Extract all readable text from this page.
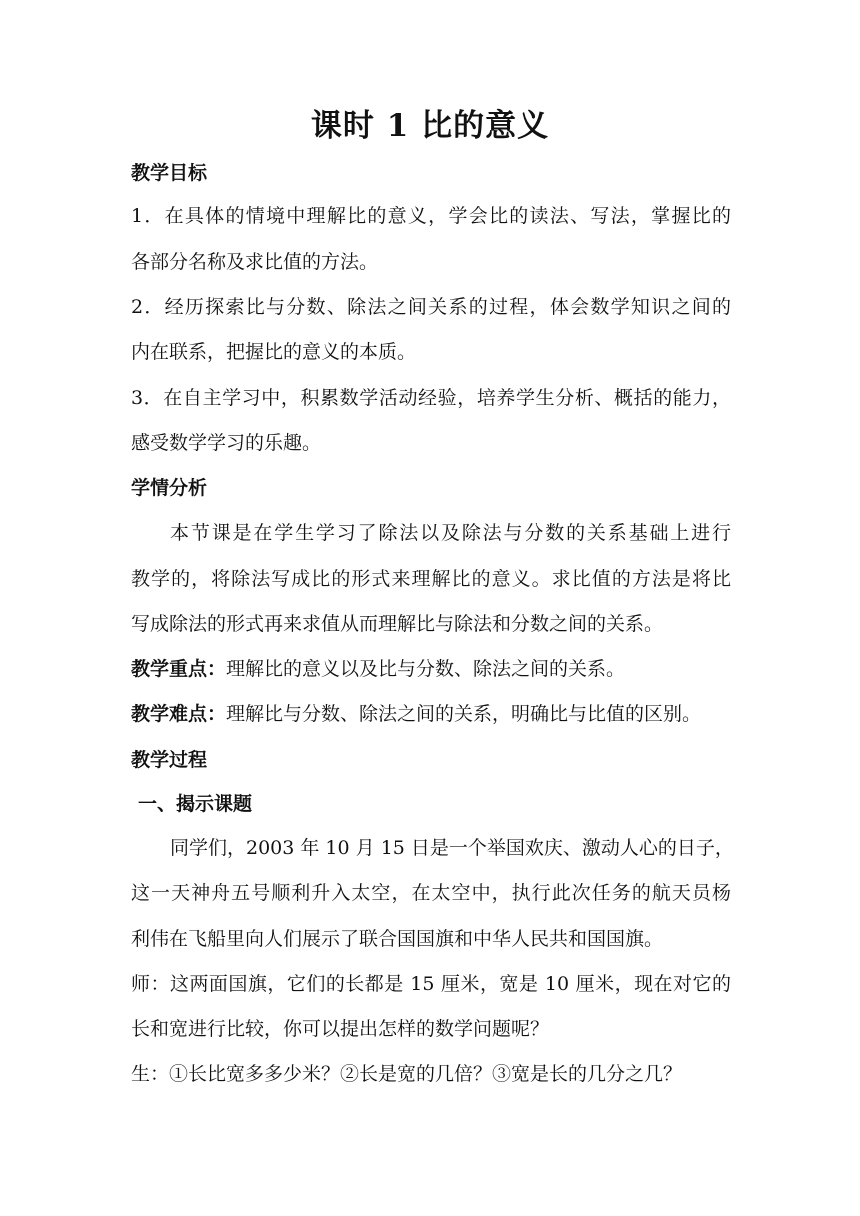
课时 1 比的意义
教学目标
1．在具体的情境中理解比的意义，学会比的读法、写法，掌握比的
各部分名称及求比值的方法。
2．经历探索比与分数、除法之间关系的过程，体会数学知识之间的
内在联系，把握比的意义的本质。
3．在自主学习中，积累数学活动经验，培养学生分析、概括的能力，
感受数学学习的乐趣。
学情分析
本节课是在学生学习了除法以及除法与分数的关系基础上进行
教学的，将除法写成比的形式来理解比的意义。求比值的方法是将比
写成除法的形式再来求值从而理解比与除法和分数之间的关系。
教学重点：理解比的意义以及比与分数、除法之间的关系。
教学难点：理解比与分数、除法之间的关系，明确比与比值的区别。
教学过程
一、揭示课题
同学们，2003 年 10 月 15 日是一个举国欢庆、激动人心的日子，
这一天神舟五号顺利升入太空，在太空中，执行此次任务的航天员杨
利伟在飞船里向人们展示了联合国国旗和中华人民共和国国旗。
师：这两面国旗，它们的长都是 15 厘米，宽是 10 厘米，现在对它的
长和宽进行比较，你可以提出怎样的数学问题呢？
生：①长比宽多多少米？②长是宽的几倍？③宽是长的几分之几？
